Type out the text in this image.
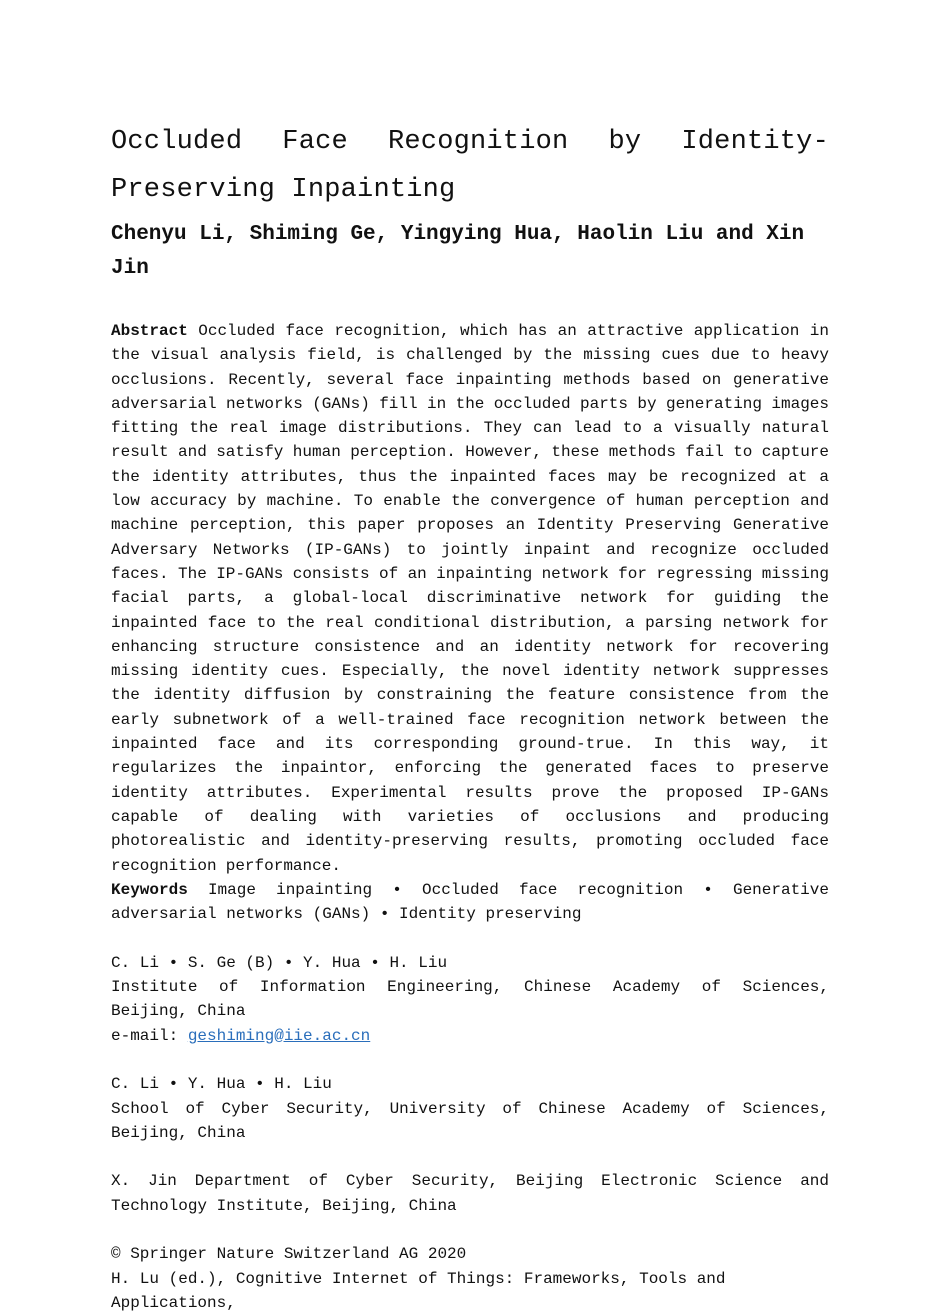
Occluded Face Recognition by Identity-Preserving Inpainting
Chenyu Li, Shiming Ge, Yingying Hua, Haolin Liu and Xin Jin

Abstract Occluded face recognition, which has an attractive application in the visual analysis field, is challenged by the missing cues due to heavy occlusions. Recently, several face inpainting methods based on generative adversarial networks (GANs) fill in the occluded parts by generating images fitting the real image distributions. They can lead to a visually natural result and satisfy human perception. However, these methods fail to capture the identity attributes, thus the inpainted faces may be recognized at a low accuracy by machine. To enable the convergence of human perception and machine perception, this paper proposes an Identity Preserving Generative Adversary Networks (IP-GANs) to jointly inpaint and recognize occluded faces. The IP-GANs consists of an inpainting network for regressing missing facial parts, a global-local discriminative network for guiding the inpainted face to the real conditional distribution, a parsing network for enhancing structure consistence and an identity network for recovering missing identity cues. Especially, the novel identity network suppresses the identity diffusion by constraining the feature consistence from the early subnetwork of a well-trained face recognition network between the inpainted face and its corresponding ground-true. In this way, it regularizes the inpaintor, enforcing the generated faces to preserve identity attributes. Experimental results prove the proposed IP-GANs capable of dealing with varieties of occlusions and producing photorealistic and identity-preserving results, promoting occluded face recognition performance.

Keywords Image inpainting • Occluded face recognition • Generative adversarial networks (GANs) • Identity preserving

C. Li • S. Ge (B) • Y. Hua • H. Liu
Institute of Information Engineering, Chinese Academy of Sciences, Beijing, China
e-mail: geshiming@iie.ac.cn
C. Li • Y. Hua • H. Liu
School of Cyber Security, University of Chinese Academy of Sciences, Beijing, China
X. Jin Department of Cyber Security, Beijing Electronic Science and Technology Institute, Beijing, China
© Springer Nature Switzerland AG 2020
H. Lu (ed.), Cognitive Internet of Things: Frameworks, Tools and Applications,
